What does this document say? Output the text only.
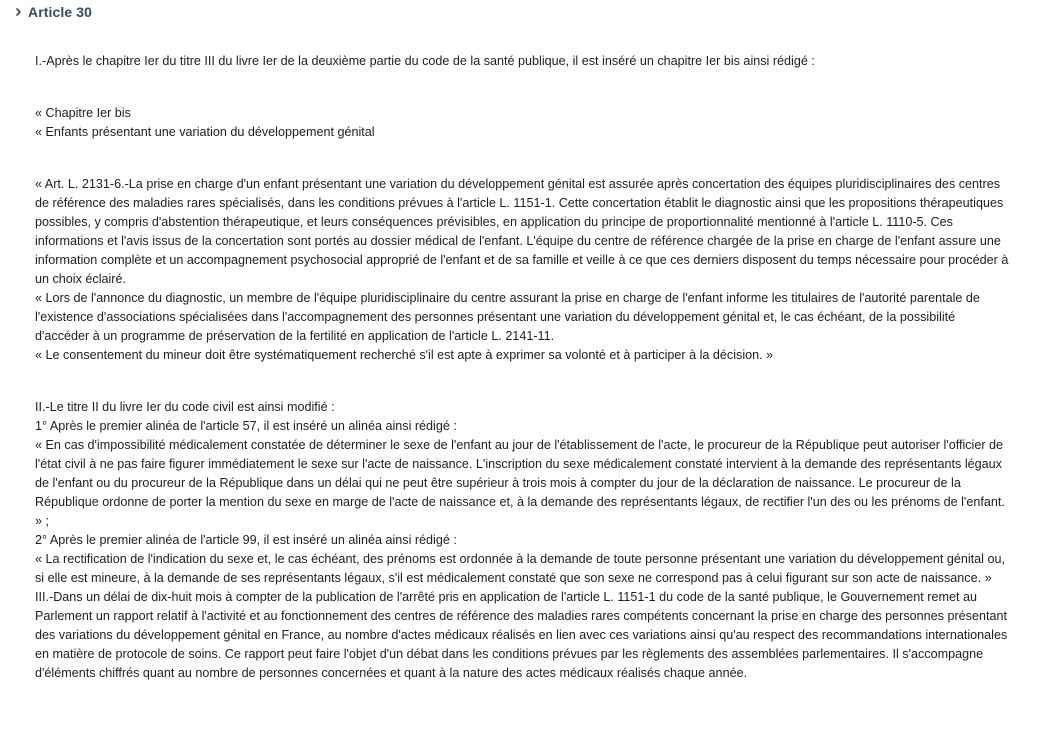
Article 30

I.-Après le chapitre Ier du titre III du livre Ier de la deuxième partie du code de la santé publique, il est inséré un chapitre Ier bis ainsi rédigé :

« Chapitre Ier bis

« Enfants présentant une variation du développement génital

« Art. L. 2131-6.-La prise en charge d'un enfant présentant une variation du développement génital est assurée après concertation des équipes pluridisciplinaires des centres de référence des maladies rares spécialisés, dans les conditions prévues à l'article L. 1151-1. Cette concertation établit le diagnostic ainsi que les propositions thérapeutiques possibles, y compris d'abstention thérapeutique, et leurs conséquences prévisibles, en application du principe de proportionnalité mentionné à l'article L. 1110-5. Ces informations et l'avis issus de la concertation sont portés au dossier médical de l'enfant. L'équipe du centre de référence chargée de la prise en charge de l'enfant assure une information complète et un accompagnement psychosocial approprié de l'enfant et de sa famille et veille à ce que ces derniers disposent du temps nécessaire pour procéder à un choix éclairé.

« Lors de l'annonce du diagnostic, un membre de l'équipe pluridisciplinaire du centre assurant la prise en charge de l'enfant informe les titulaires de l'autorité parentale de l'existence d'associations spécialisées dans l'accompagnement des personnes présentant une variation du développement génital et, le cas échéant, de la possibilité d'accéder à un programme de préservation de la fertilité en application de l'article L. 2141-11.

« Le consentement du mineur doit être systématiquement recherché s'il est apte à exprimer sa volonté et à participer à la décision. »

II.-Le titre II du livre Ier du code civil est ainsi modifié :

1° Après le premier alinéa de l'article 57, il est inséré un alinéa ainsi rédigé :

« En cas d'impossibilité médicalement constatée de déterminer le sexe de l'enfant au jour de l'établissement de l'acte, le procureur de la République peut autoriser l'officier de l'état civil à ne pas faire figurer immédiatement le sexe sur l'acte de naissance. L'inscription du sexe médicalement constaté intervient à la demande des représentants légaux de l'enfant ou du procureur de la République dans un délai qui ne peut être supérieur à trois mois à compter du jour de la déclaration de naissance. Le procureur de la République ordonne de porter la mention du sexe en marge de l'acte de naissance et, à la demande des représentants légaux, de rectifier l'un des ou les prénoms de l'enfant. » ;

2° Après le premier alinéa de l'article 99, il est inséré un alinéa ainsi rédigé :

« La rectification de l'indication du sexe et, le cas échéant, des prénoms est ordonnée à la demande de toute personne présentant une variation du développement génital ou, si elle est mineure, à la demande de ses représentants légaux, s'il est médicalement constaté que son sexe ne correspond pas à celui figurant sur son acte de naissance. »

III.-Dans un délai de dix-huit mois à compter de la publication de l'arrêté pris en application de l'article L. 1151-1 du code de la santé publique, le Gouvernement remet au Parlement un rapport relatif à l'activité et au fonctionnement des centres de référence des maladies rares compétents concernant la prise en charge des personnes présentant des variations du développement génital en France, au nombre d'actes médicaux réalisés en lien avec ces variations ainsi qu'au respect des recommandations internationales en matière de protocole de soins. Ce rapport peut faire l'objet d'un débat dans les conditions prévues par les règlements des assemblées parlementaires. Il s'accompagne d'éléments chiffrés quant au nombre de personnes concernées et quant à la nature des actes médicaux réalisés chaque année.
